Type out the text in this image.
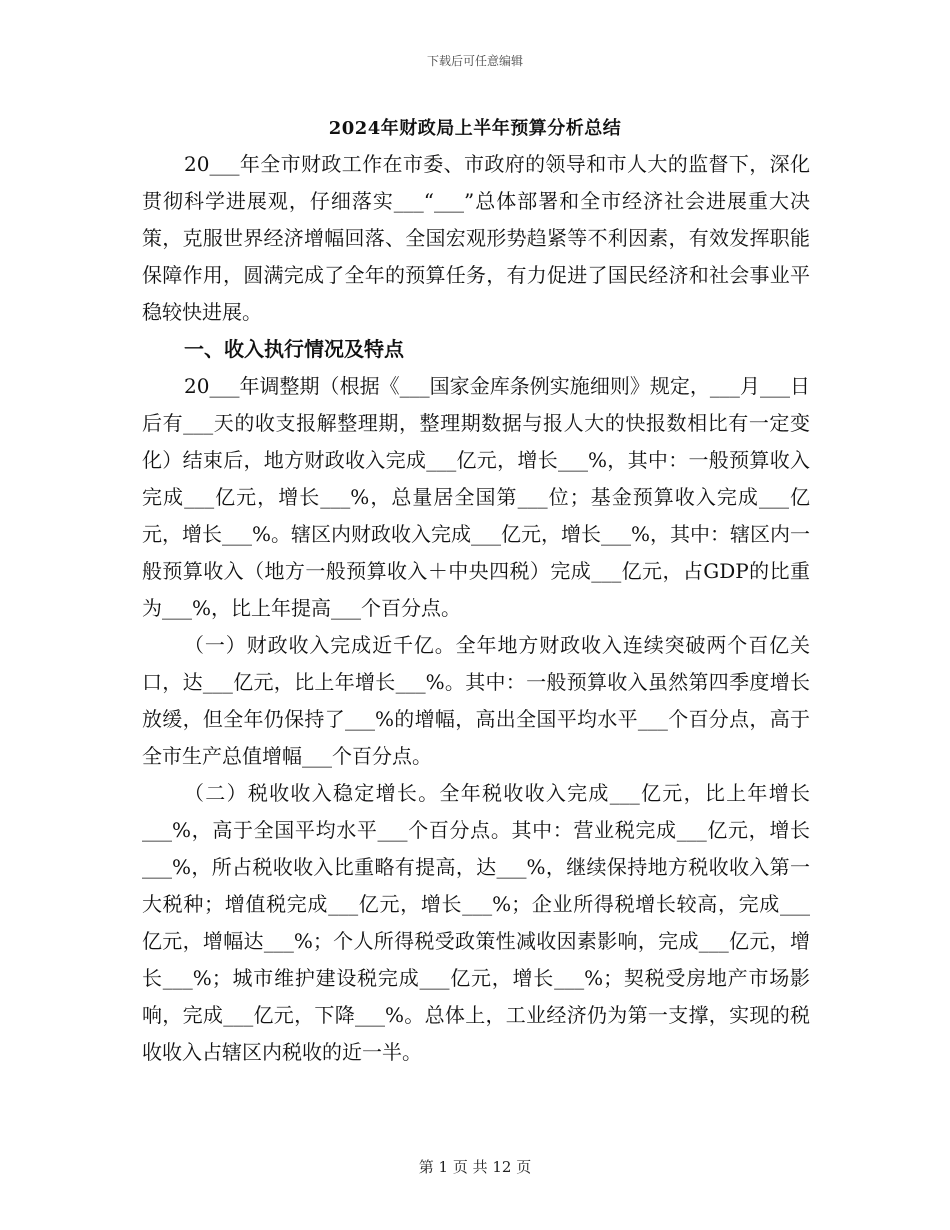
下载后可任意编辑
2024年财政局上半年预算分析总结

20___年全市财政工作在市委、市政府的领导和市人大的监督下，深化贯彻科学进展观，仔细落实___“___”总体部署和全市经济社会进展重大决策，克服世界经济增幅回落、全国宏观形势趋紧等不利因素，有效发挥职能保障作用，圆满完成了全年的预算任务，有力促进了国民经济和社会事业平稳较快进展。

一、收入执行情况及特点

20___年调整期（根据《___国家金库条例实施细则》规定，___月___日后有___天的收支报解整理期，整理期数据与报人大的快报数相比有一定变化）结束后，地方财政收入完成___亿元，增长___%，其中：一般预算收入完成___亿元，增长___%，总量居全国第___位；基金预算收入完成___亿元，增长___%。辖区内财政收入完成___亿元，增长___%，其中：辖区内一般预算收入（地方一般预算收入＋中央四税）完成___亿元，占GDP的比重为___%，比上年提高___个百分点。

（一）财政收入完成近千亿。全年地方财政收入连续突破两个百亿关口，达___亿元，比上年增长___%。其中：一般预算收入虽然第四季度增长放缓，但全年仍保持了___%的增幅，高出全国平均水平___个百分点，高于全市生产总值增幅___个百分点。

（二）税收收入稳定增长。全年税收收入完成___亿元，比上年增长___%，高于全国平均水平___个百分点。其中：营业税完成___亿元，增长___%，所占税收收入比重略有提高，达___%，继续保持地方税收收入第一大税种；增值税完成___亿元，增长___%；企业所得税增长较高，完成___亿元，增幅达___%；个人所得税受政策性减收因素影响，完成___亿元，增长___%；城市维护建设税完成___亿元，增长___%；契税受房地产市场影响，完成___亿元，下降___%。总体上，工业经济仍为第一支撑，实现的税收收入占辖区内税收的近一半。

第 1 页 共 12 页
